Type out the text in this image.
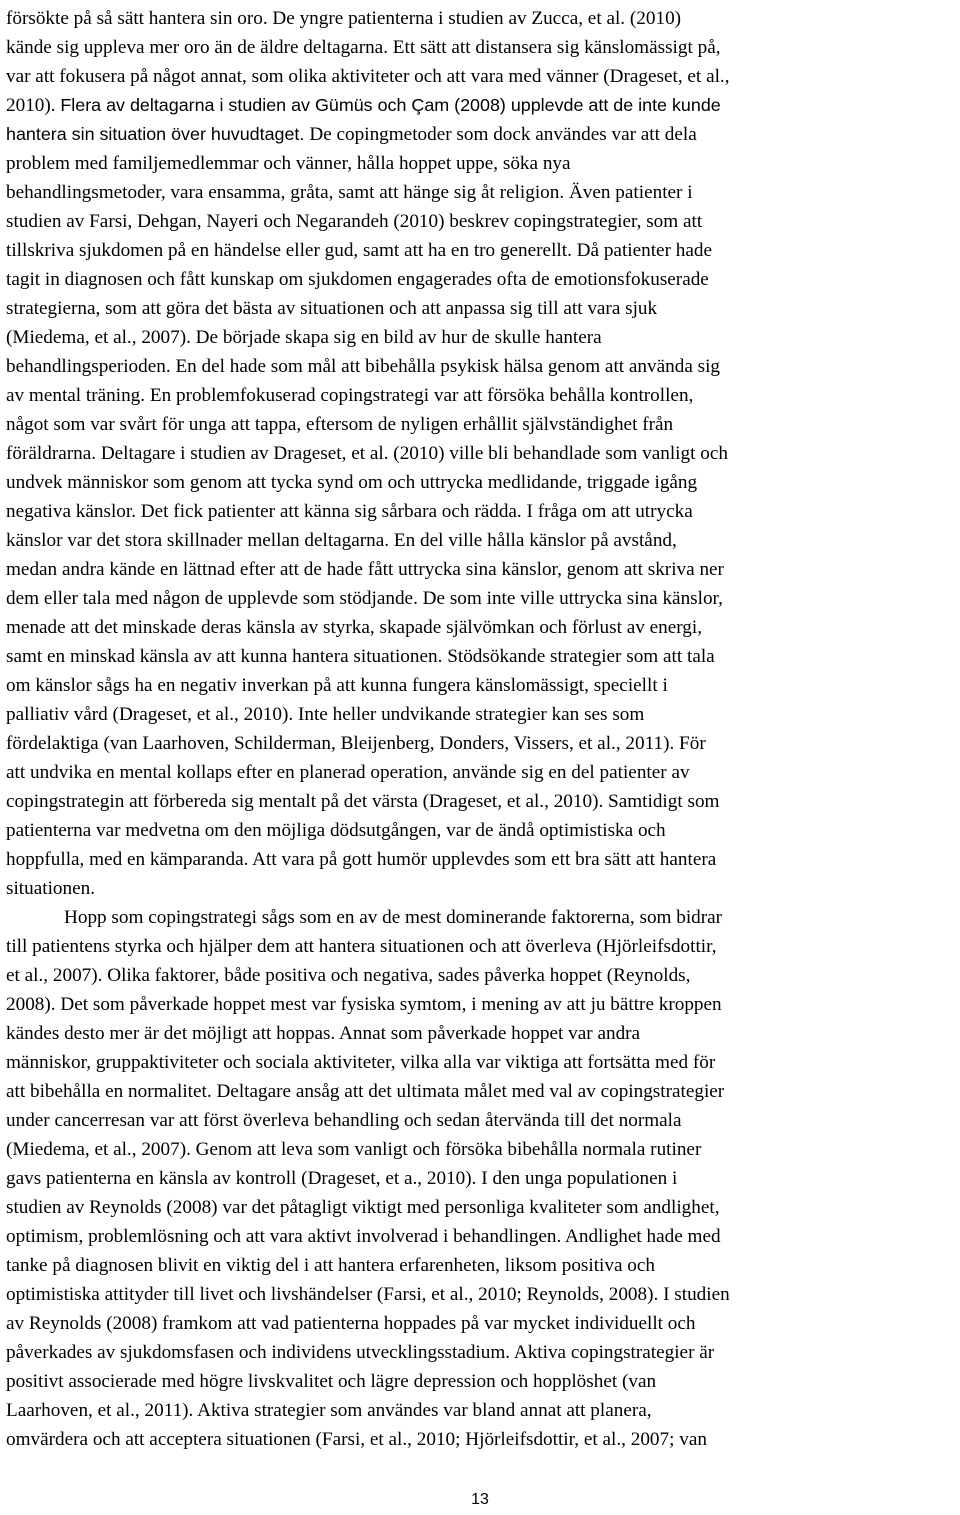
försökte på så sätt hantera sin oro. De yngre patienterna i studien av Zucca, et al. (2010)
kände sig uppleva mer oro än de äldre deltagarna. Ett sätt att distansera sig känslomässigt på,
var att fokusera på något annat, som olika aktiviteter och att vara med vänner (Drageset, et al.,
2010). Flera av deltagarna i studien av Gümüs och Çam (2008) upplevde att de inte kunde
hantera sin situation över huvudtaget. De copingmetoder som dock användes var att dela
problem med familjemedlemmar och vänner, hålla hoppet uppe, söka nya
behandlingsmetoder, vara ensamma, gråta, samt att hänge sig åt religion. Även patienter i
studien av Farsi, Dehgan, Nayeri och Negarandeh (2010) beskrev copingstrategier, som att
tillskriva sjukdomen på en händelse eller gud, samt att ha en tro generellt. Då patienter hade
tagit in diagnosen och fått kunskap om sjukdomen engagerades ofta de emotionsfokuserade
strategierna, som att göra det bästa av situationen och att anpassa sig till att vara sjuk
(Miedema, et al., 2007). De började skapa sig en bild av hur de skulle hantera
behandlingsperioden. En del hade som mål att bibehålla psykisk hälsa genom att använda sig
av mental träning. En problemfokuserad copingstrategi var att försöka behålla kontrollen,
något som var svårt för unga att tappa, eftersom de nyligen erhållit självständighet från
föräldrarna. Deltagare i studien av Drageset, et al. (2010) ville bli behandlade som vanligt och
undvek människor som genom att tycka synd om och uttrycka medlidande, triggade igång
negativa känslor. Det fick patienter att känna sig sårbara och rädda. I fråga om att utrycka
känslor var det stora skillnader mellan deltagarna. En del ville hålla känslor på avstånd,
medan andra kände en lättnad efter att de hade fått uttrycka sina känslor, genom att skriva ner
dem eller tala med någon de upplevde som stödjande. De som inte ville uttrycka sina känslor,
menade att det minskade deras känsla av styrka, skapade självömkan och förlust av energi,
samt en minskad känsla av att kunna hantera situationen. Stödsökande strategier som att tala
om känslor sågs ha en negativ inverkan på att kunna fungera känslomässigt, speciellt i
palliativ vård (Drageset, et al., 2010). Inte heller undvikande strategier kan ses som
fördelaktiga (van Laarhoven, Schilderman, Bleijenberg, Donders, Vissers, et al., 2011). För
att undvika en mental kollaps efter en planerad operation, använde sig en del patienter av
copingstrategin att förbereda sig mentalt på det värsta (Drageset, et al., 2010). Samtidigt som
patienterna var medvetna om den möjliga dödsutgången, var de ändå optimistiska och
hoppfulla, med en kämparanda. Att vara på gott humör upplevdes som ett bra sätt att hantera
situationen.
Hopp som copingstrategi sågs som en av de mest dominerande faktorerna, som bidrar
till patientens styrka och hjälper dem att hantera situationen och att överleva (Hjörleifsdottir,
et al., 2007). Olika faktorer, både positiva och negativa, sades påverka hoppet (Reynolds,
2008). Det som påverkade hoppet mest var fysiska symtom, i mening av att ju bättre kroppen
kändes desto mer är det möjligt att hoppas. Annat som påverkade hoppet var andra
människor, gruppaktiviteter och sociala aktiviteter, vilka alla var viktiga att fortsätta med för
att bibehålla en normalitet. Deltagare ansåg att det ultimata målet med val av copingstrategier
under cancerresan var att först överleva behandling och sedan återvända till det normala
(Miedema, et al., 2007). Genom att leva som vanligt och försöka bibehålla normala rutiner
gavs patienterna en känsla av kontroll (Drageset, et a., 2010). I den unga populationen i
studien av Reynolds (2008) var det påtagligt viktigt med personliga kvaliteter som andlighet,
optimism, problemlösning och att vara aktivt involverad i behandlingen. Andlighet hade med
tanke på diagnosen blivit en viktig del i att hantera erfarenheten, liksom positiva och
optimistiska attityder till livet och livshändelser (Farsi, et al., 2010; Reynolds, 2008). I studien
av Reynolds (2008) framkom att vad patienterna hoppades på var mycket individuellt och
påverkades av sjukdomsfasen och individens utvecklingsstadium. Aktiva copingstrategier är
positivt associerade med högre livskvalitet och lägre depression och hopplöshet (van
Laarhoven, et al., 2011). Aktiva strategier som användes var bland annat att planera,
omvärdera och att acceptera situationen (Farsi, et al., 2010; Hjörleifsdottir, et al., 2007; van
13
